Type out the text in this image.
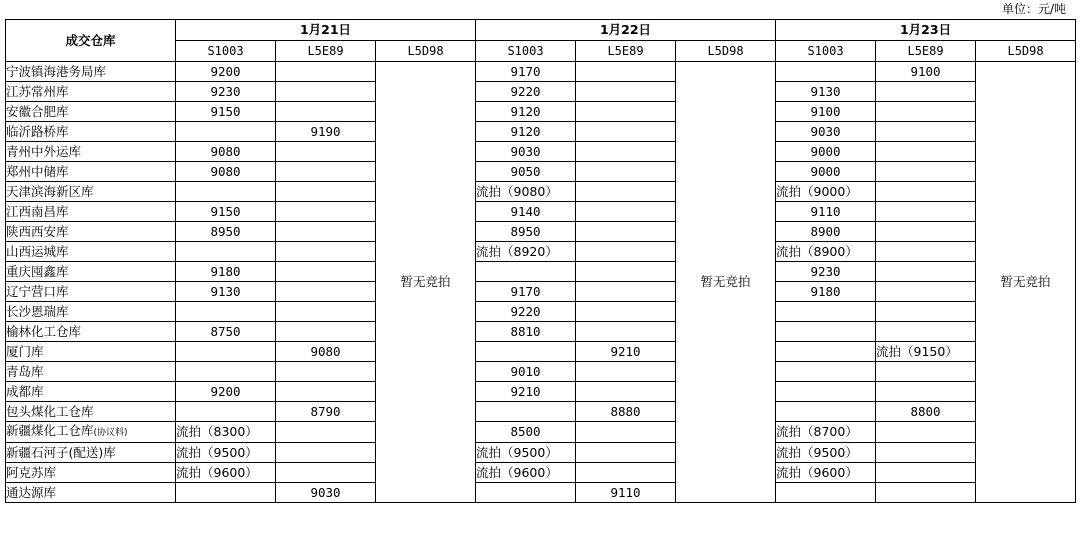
单位：元/吨
成交仓库	1月21日			1月22日			1月23日		
	S1003	L5E89	L5D98	S1003	L5E89	L5D98	S1003	L5E89	L5D98
宁波镇海港务局库	9200		暂无竞拍	9170		暂无竞拍		9100	暂无竞拍
江苏常州库	9230			9220			9130		
安徽合肥库	9150			9120			9100		
临沂路桥库		9190		9120			9030		
青州中外运库	9080			9030			9000		
郑州中储库	9080			9050			9000		
天津滨海新区库				流拍（9080）			流拍（9000）		
江西南昌库	9150			9140			9110		
陕西西安库	8950			8950			8900		
山西运城库				流拍（8920）			流拍（8900）		
重庆囤鑫库	9180						9230		
辽宁营口库	9130			9170			9180		
长沙恩瑞库				9220					
榆林化工仓库	8750			8810					
厦门库		9080			9210			流拍（9150）	
青岛库				9010					
成都库	9200			9210					
包头煤化工仓库		8790			8880			8800	
新疆煤化工仓库(协议料)	流拍（8300）			8500			流拍（8700）		
新疆石河子(配送)库	流拍（9500）			流拍（9500）			流拍（9500）		
阿克苏库	流拍（9600）			流拍（9600）			流拍（9600）		
通达源库		9030			9110				
